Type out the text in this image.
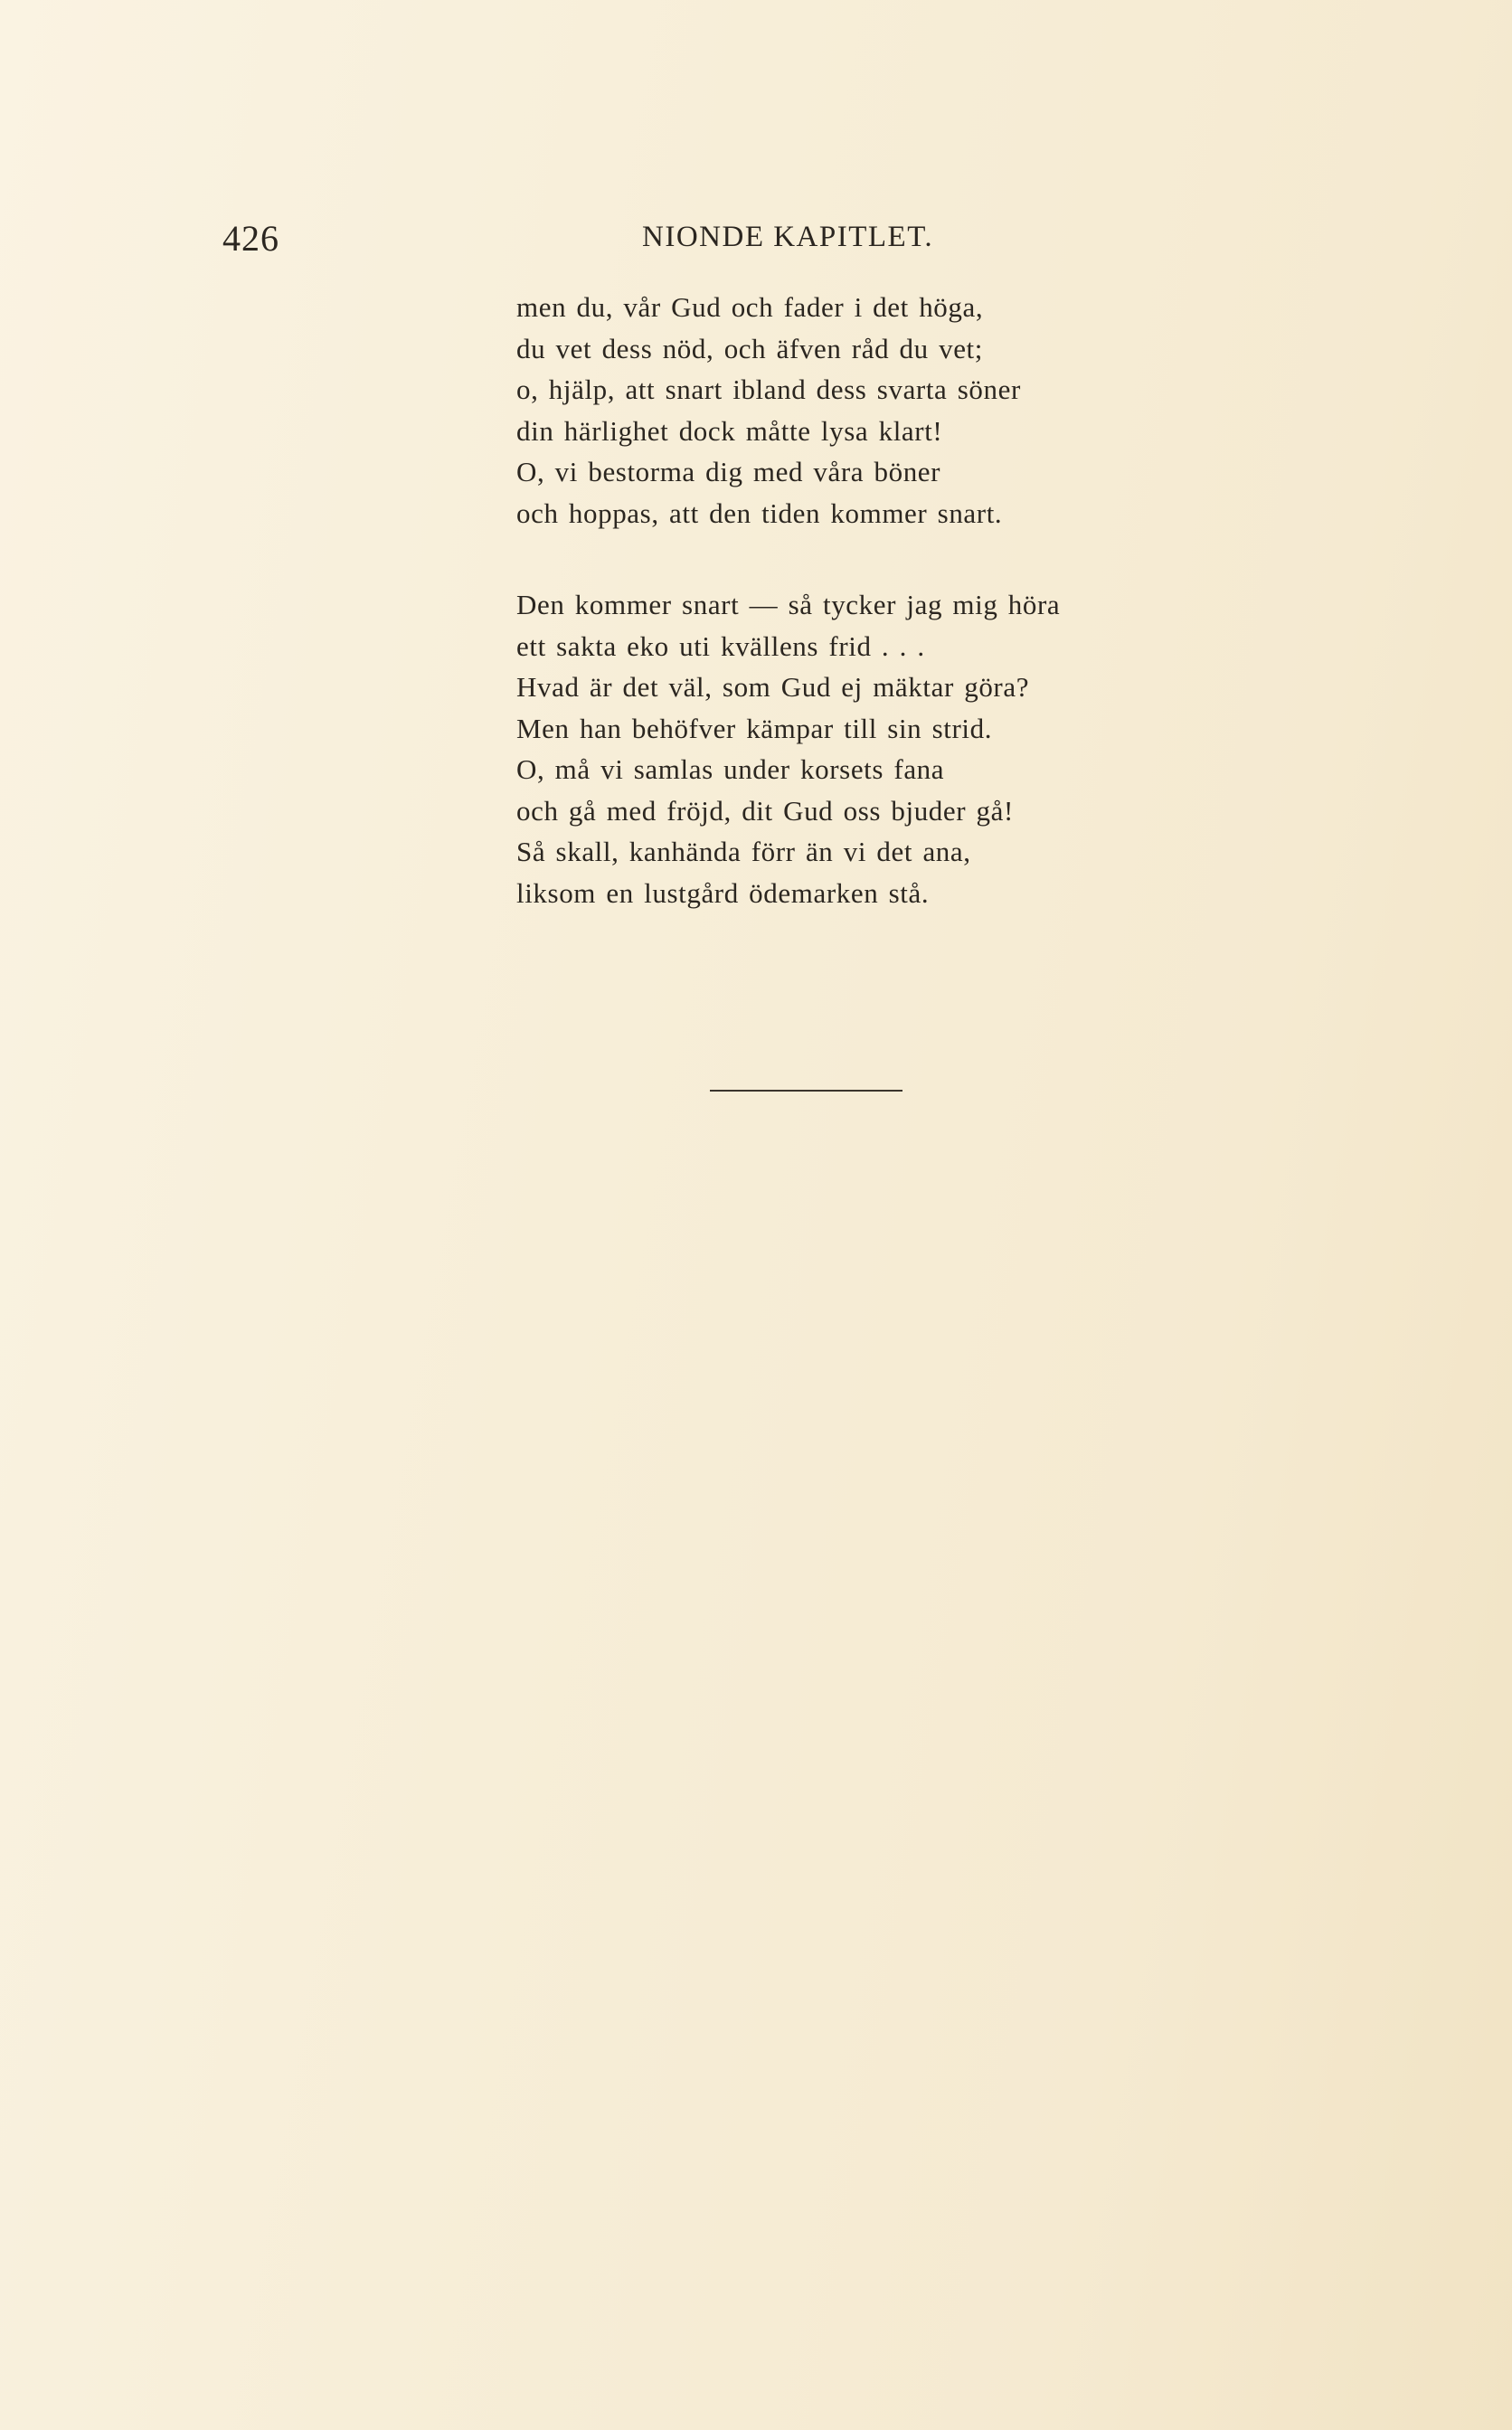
426	NIONDE KAPITLET.
men du, vår Gud och fader i det höga,
du vet dess nöd, och äfven råd du vet;
o, hjälp, att snart ibland dess svarta söner
din härlighet dock måtte lysa klart!
O, vi bestorma dig med våra böner
och hoppas, att den tiden kommer snart.
Den kommer snart — så tycker jag mig höra
ett sakta eko uti kvällens frid . . .
Hvad är det väl, som Gud ej mäktar göra?
Men han behöfver kämpar till sin strid.
O, må vi samlas under korsets fana
och gå med fröjd, dit Gud oss bjuder gå!
Så skall, kanhända förr än vi det ana,
liksom en lustgård ödemarken stå.
